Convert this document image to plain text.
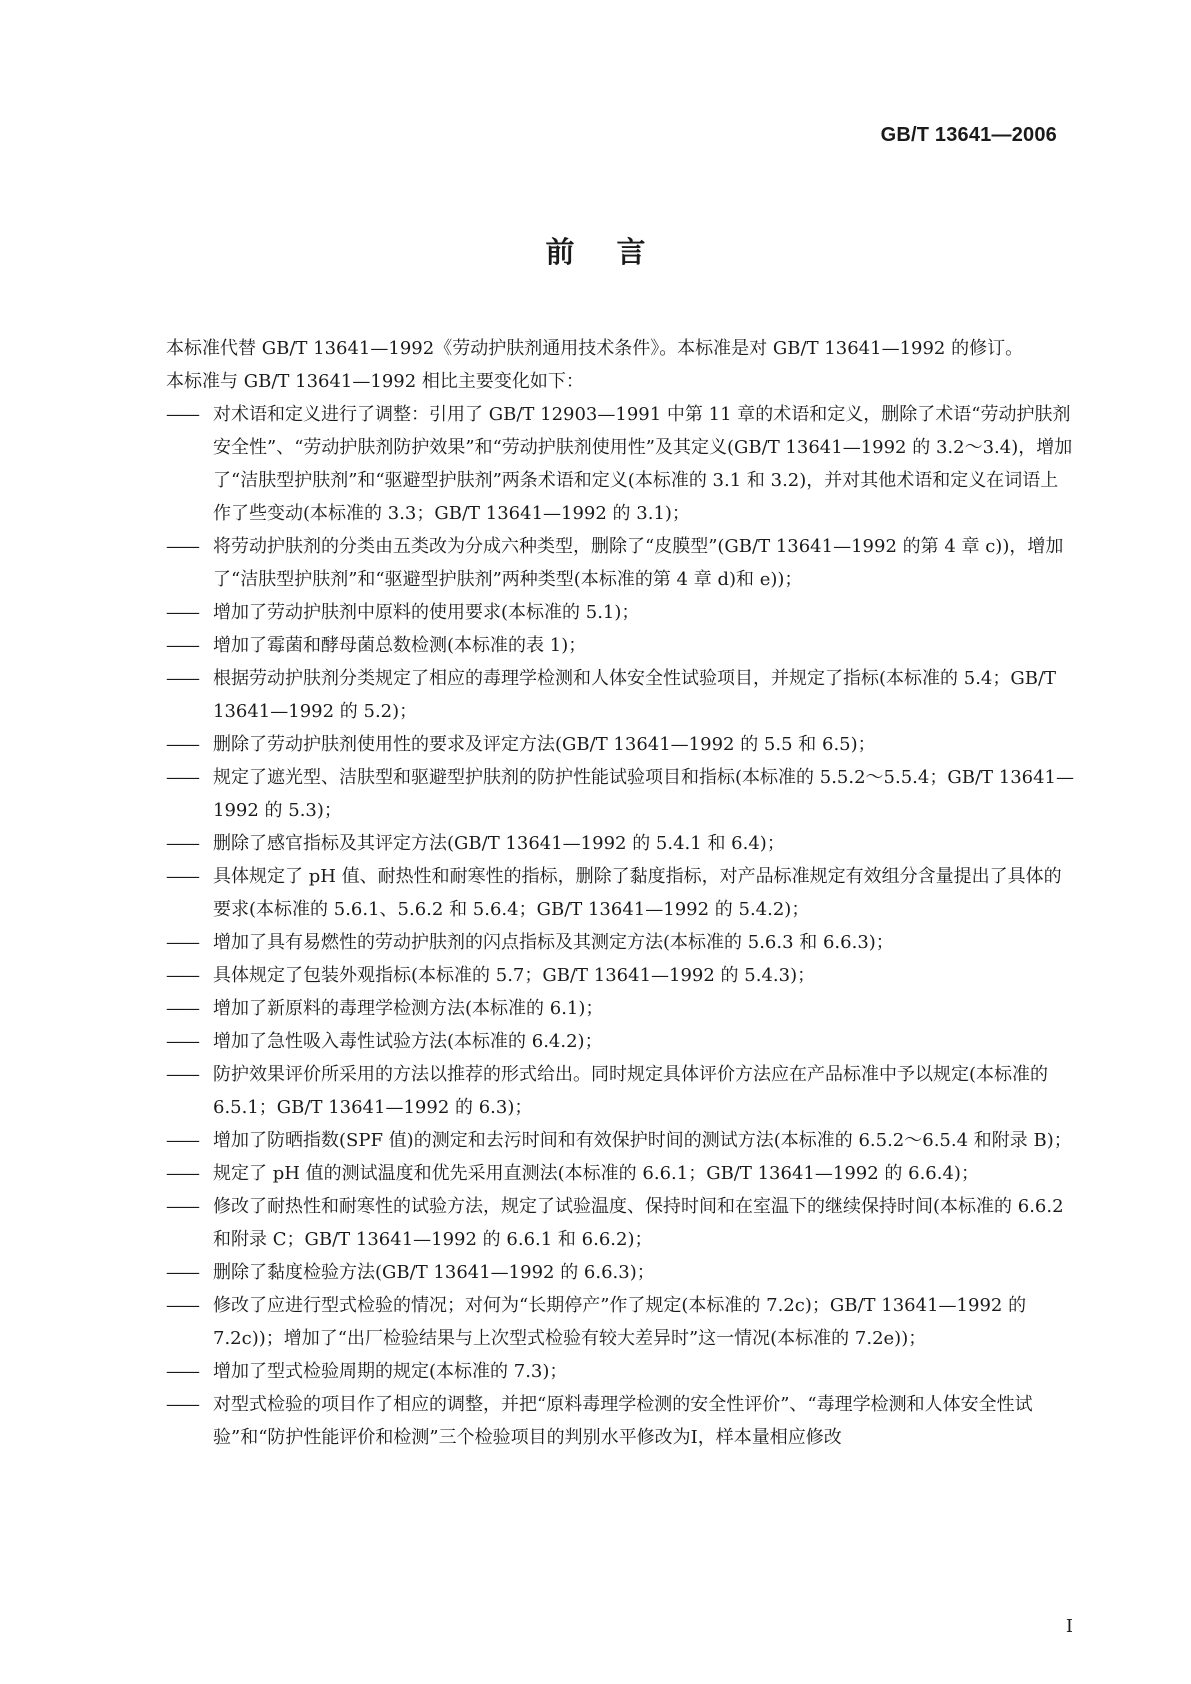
GB/T 13641—2006
前言

本标准代替 GB/T 13641—1992《劳动护肤剂通用技术条件》。本标准是对 GB/T 13641—1992 的修订。

本标准与 GB/T 13641—1992 相比主要变化如下：

—— 对术语和定义进行了调整：引用了 GB/T 12903—1991 中第 11 章的术语和定义，删除了术语“劳动护肤剂安全性”、“劳动护肤剂防护效果”和“劳动护肤剂使用性”及其定义(GB/T 13641—1992 的 3.2～3.4)，增加了“洁肤型护肤剂”和“驱避型护肤剂”两条术语和定义(本标准的 3.1 和 3.2)，并对其他术语和定义在词语上作了些变动(本标准的 3.3；GB/T 13641—1992 的 3.1)；
—— 将劳动护肤剂的分类由五类改为分成六种类型，删除了“皮膜型”(GB/T 13641—1992 的第 4 章 c))，增加了“洁肤型护肤剂”和“驱避型护肤剂”两种类型(本标准的第 4 章 d)和 e))；
—— 增加了劳动护肤剂中原料的使用要求(本标准的 5.1)；
—— 增加了霉菌和酵母菌总数检测(本标准的表 1)；
—— 根据劳动护肤剂分类规定了相应的毒理学检测和人体安全性试验项目，并规定了指标(本标准的 5.4；GB/T 13641—1992 的 5.2)；
—— 删除了劳动护肤剂使用性的要求及评定方法(GB/T 13641—1992 的 5.5 和 6.5)；
—— 规定了遮光型、洁肤型和驱避型护肤剂的防护性能试验项目和指标(本标准的 5.5.2～5.5.4；GB/T 13641—1992 的 5.3)；
—— 删除了感官指标及其评定方法(GB/T 13641—1992 的 5.4.1 和 6.4)；
—— 具体规定了 pH 值、耐热性和耐寒性的指标，删除了黏度指标，对产品标准规定有效组分含量提出了具体的要求(本标准的 5.6.1、5.6.2 和 5.6.4；GB/T 13641—1992 的 5.4.2)；
—— 增加了具有易燃性的劳动护肤剂的闪点指标及其测定方法(本标准的 5.6.3 和 6.6.3)；
—— 具体规定了包装外观指标(本标准的 5.7；GB/T 13641—1992 的 5.4.3)；
—— 增加了新原料的毒理学检测方法(本标准的 6.1)；
—— 增加了急性吸入毒性试验方法(本标准的 6.4.2)；
—— 防护效果评价所采用的方法以推荐的形式给出。同时规定具体评价方法应在产品标准中予以规定(本标准的 6.5.1；GB/T 13641—1992 的 6.3)；
—— 增加了防晒指数(SPF 值)的测定和去污时间和有效保护时间的测试方法(本标准的 6.5.2～6.5.4 和附录 B)；
—— 规定了 pH 值的测试温度和优先采用直测法(本标准的 6.6.1；GB/T 13641—1992 的 6.6.4)；
—— 修改了耐热性和耐寒性的试验方法，规定了试验温度、保持时间和在室温下的继续保持时间(本标准的 6.6.2 和附录 C；GB/T 13641—1992 的 6.6.1 和 6.6.2)；
—— 删除了黏度检验方法(GB/T 13641—1992 的 6.6.3)；
—— 修改了应进行型式检验的情况；对何为“长期停产”作了规定(本标准的 7.2c)；GB/T 13641—1992 的 7.2c))；增加了“出厂检验结果与上次型式检验有较大差异时”这一情况(本标准的 7.2e))；
—— 增加了型式检验周期的规定(本标准的 7.3)；
—— 对型式检验的项目作了相应的调整，并把“原料毒理学检测的安全性评价”、“毒理学检测和人体安全性试验”和“防护性能评价和检测”三个检验项目的判别水平修改为Ⅰ，样本量相应修改
I
